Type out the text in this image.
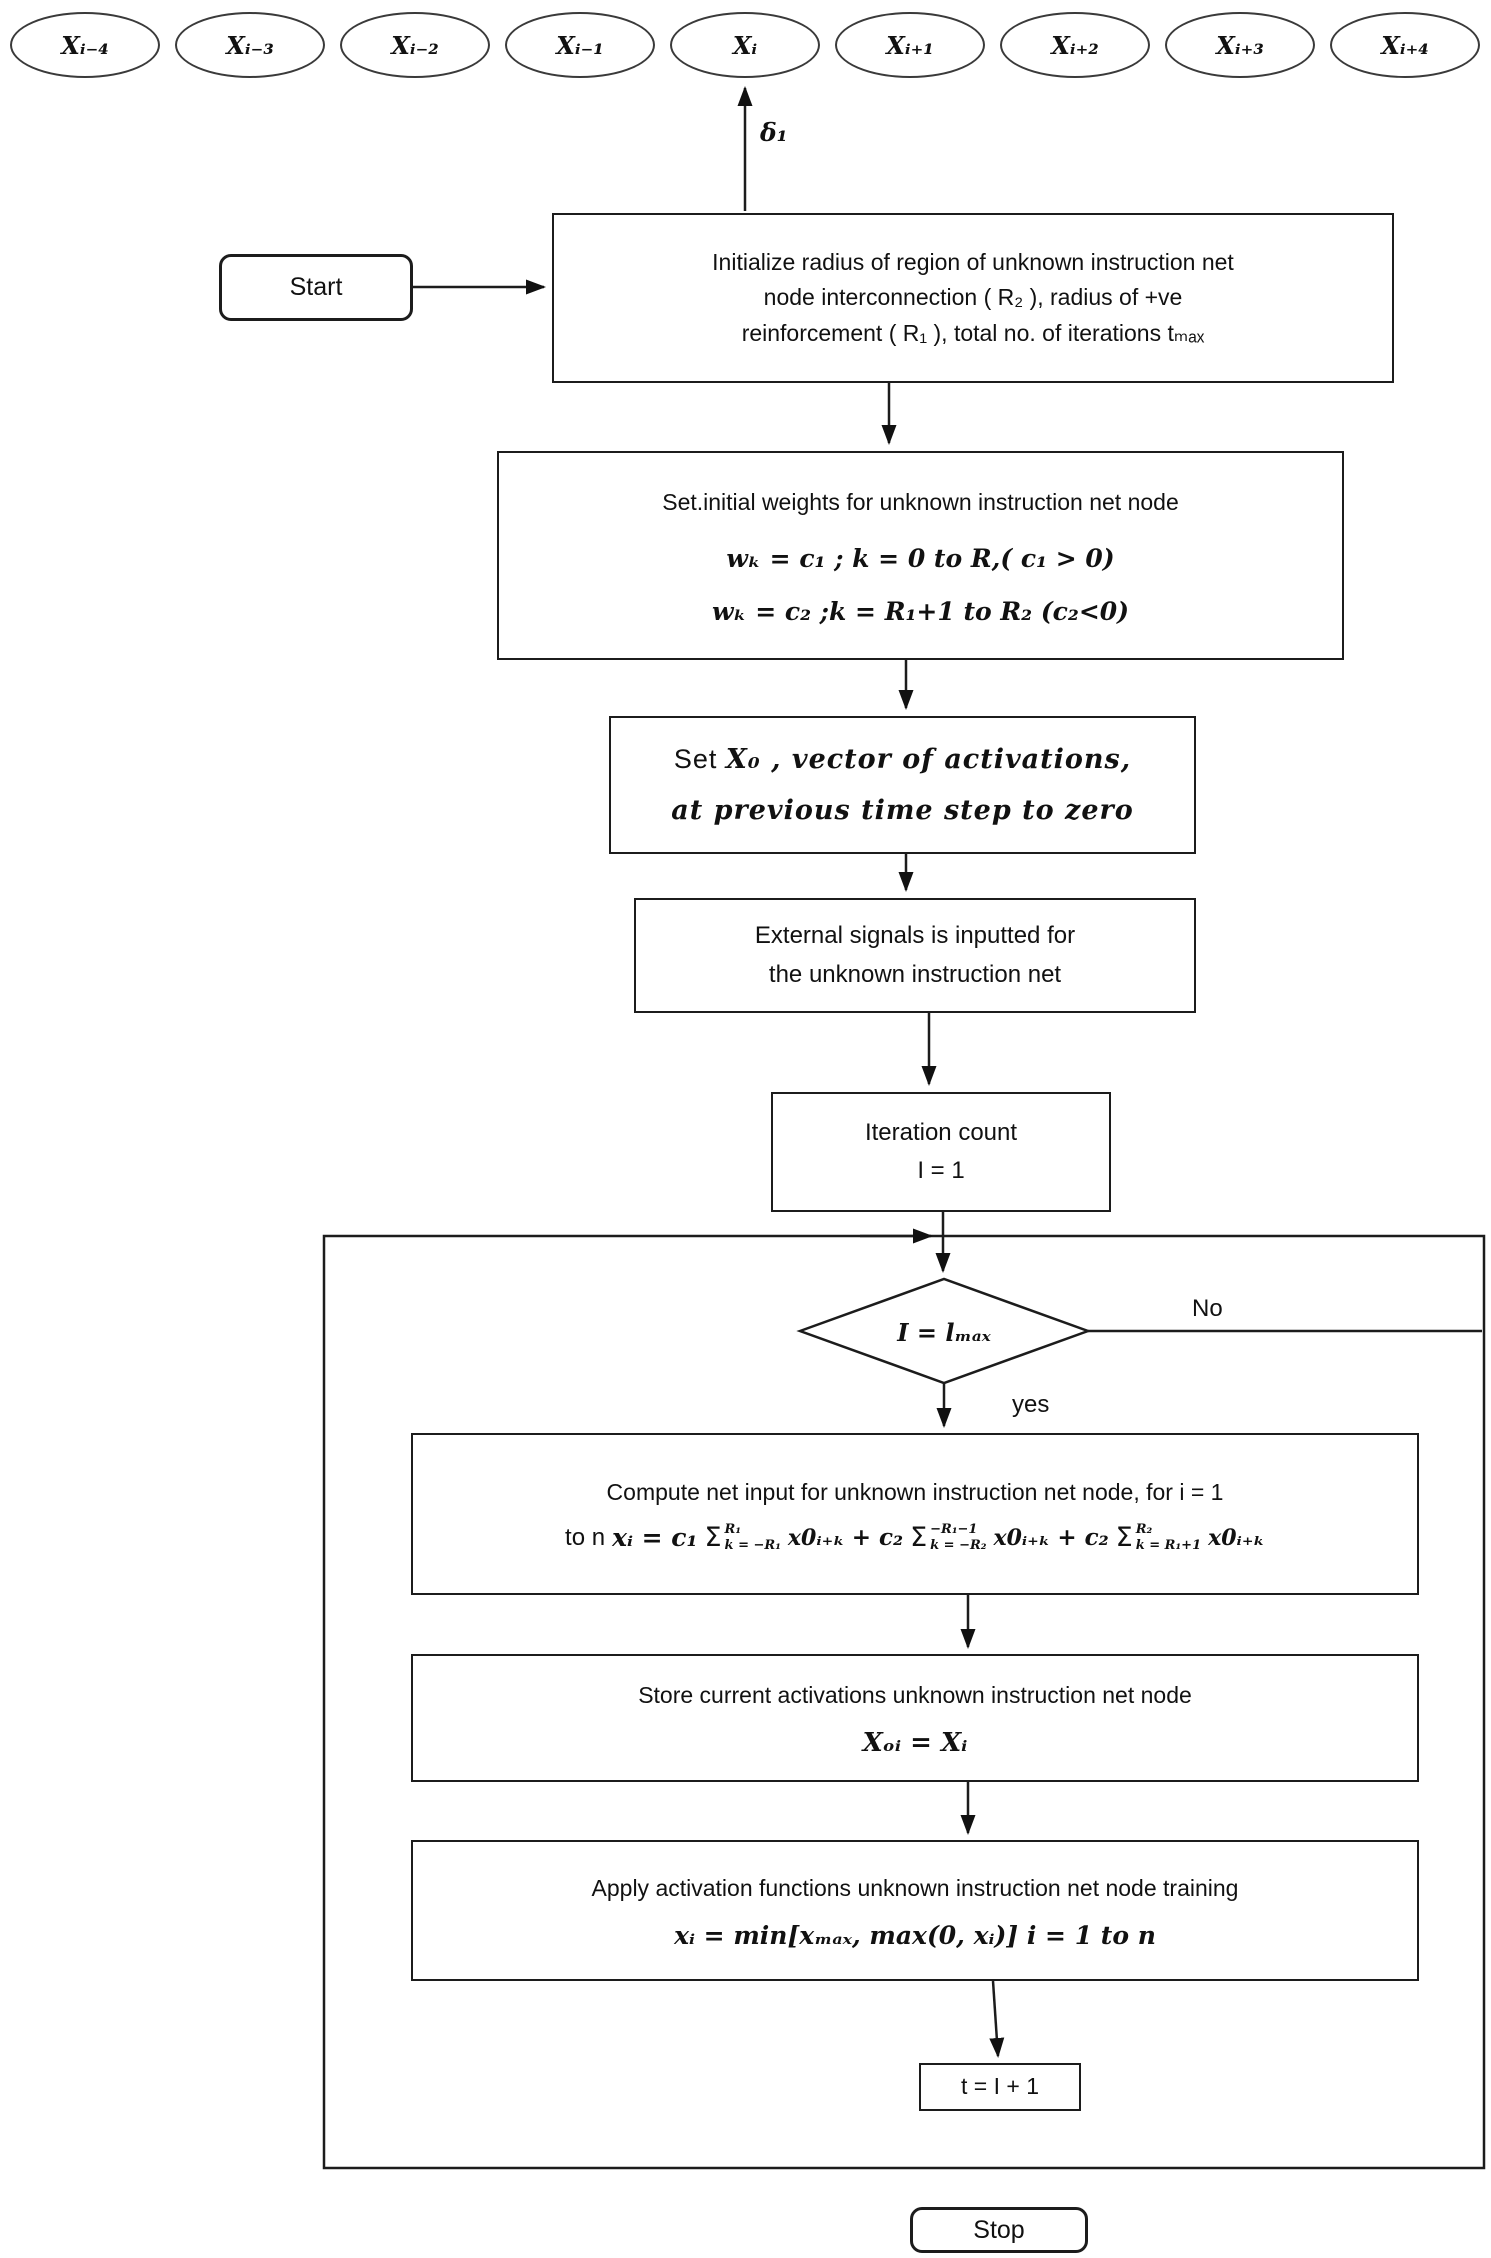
Xᵢ₋₄	Xᵢ₋₃	Xᵢ₋₂	Xᵢ₋₁	Xᵢ	Xᵢ₊₁	Xᵢ₊₂	Xᵢ₊₃	Xᵢ₊₄
δ₁
Start
Initialize radius of region of unknown instruction net
node interconnection ( R₂ ), radius of +ve
reinforcement ( R₁ ), total no. of iterations tₘₐₓ
Set.initial weights for unknown instruction net node
wₖ = c₁ ; k = 0 to R,( c₁ > 0)
wₖ = c₂ ;k = R₁+1 to R₂ (c₂<0)
Set X₀ , vector of activations,
at previous time step to zero
External signals is inputted for
the unknown instruction net
Iteration count
I = 1
I = lₘₐₓ
No
yes
Compute net input for unknown instruction net node, for i = 1
to n xᵢ = c₁ Σ R₁
k = −R₁ x0ᵢ₊ₖ + c₂ Σ −R₁−1
k = −R₂ x0ᵢ₊ₖ + c₂ Σ R₂
k = R₁+1 x0ᵢ₊ₖ
Store current activations unknown instruction net node
Xₒᵢ = Xᵢ
Apply activation functions unknown instruction net node training
xᵢ = min[xₘₐₓ, max(0, xᵢ)] i = 1 to n
t = I + 1
Stop
